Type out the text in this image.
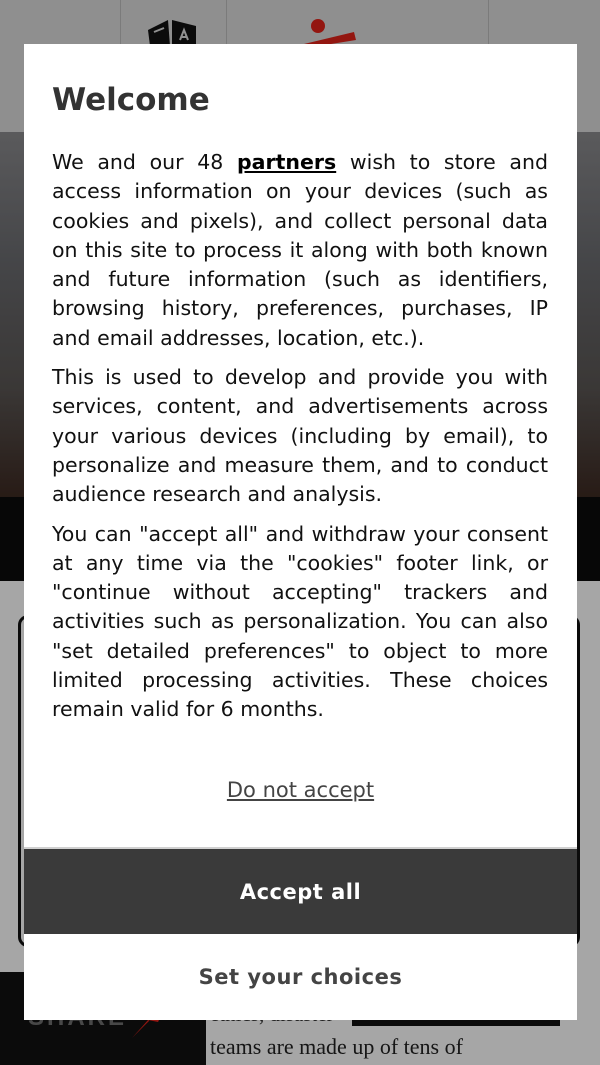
teams are made up of tens of
Welcome

We and our 48 partners wish to store and access information on your devices (such as cookies and pixels), and collect personal data on this site to process it along with both known and future information (such as identifiers, browsing history, preferences, purchases, IP and email addresses, location, etc.).

This is used to develop and provide you with services, content, and advertisements across your various devices (including by email), to personalize and measure them, and to conduct audience research and analysis.

You can "accept all" and withdraw your consent at any time via the "cookies" footer link, or "continue without accepting" trackers and activities such as personalization. You can also "set detailed preferences" to object to more limited processing activities. These choices remain valid for 6 months.

Do not accept
Accept all
Set your choices
